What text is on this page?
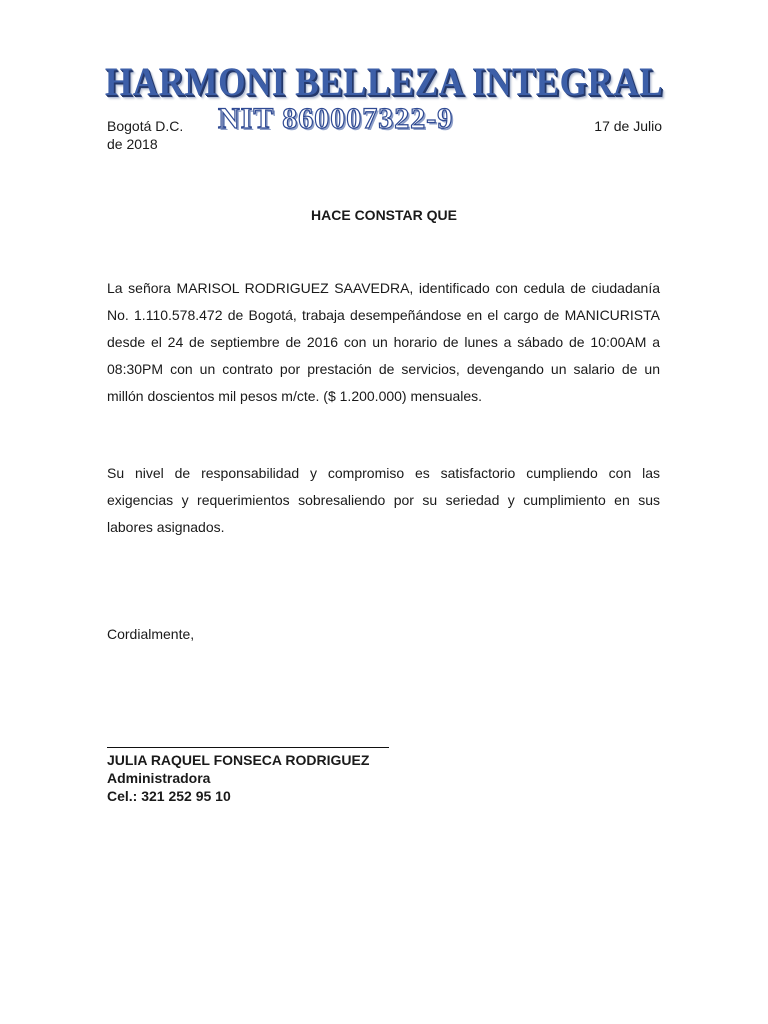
HARMONI BELLEZA INTEGRAL
NIT 860007322-9
Bogotá D.C.	17 de Julio
de 2018
HACE CONSTAR QUE

La señora MARISOL RODRIGUEZ SAAVEDRA, identificado con cedula de ciudadanía No. 1.110.578.472 de Bogotá, trabaja desempeñándose en el cargo de MANICURISTA desde el 24 de septiembre de 2016 con un horario de lunes a sábado de 10:00AM a 08:30PM con un contrato por prestación de servicios, devengando un salario de un millón doscientos mil pesos m/cte. ($ 1.200.000) mensuales.

Su nivel de responsabilidad y compromiso es satisfactorio cumpliendo con las exigencias y requerimientos sobresaliendo por su seriedad y cumplimiento en sus labores asignados.

Cordialmente,
JULIA RAQUEL FONSECA RODRIGUEZ
Administradora
Cel.: 321 252 95 10
